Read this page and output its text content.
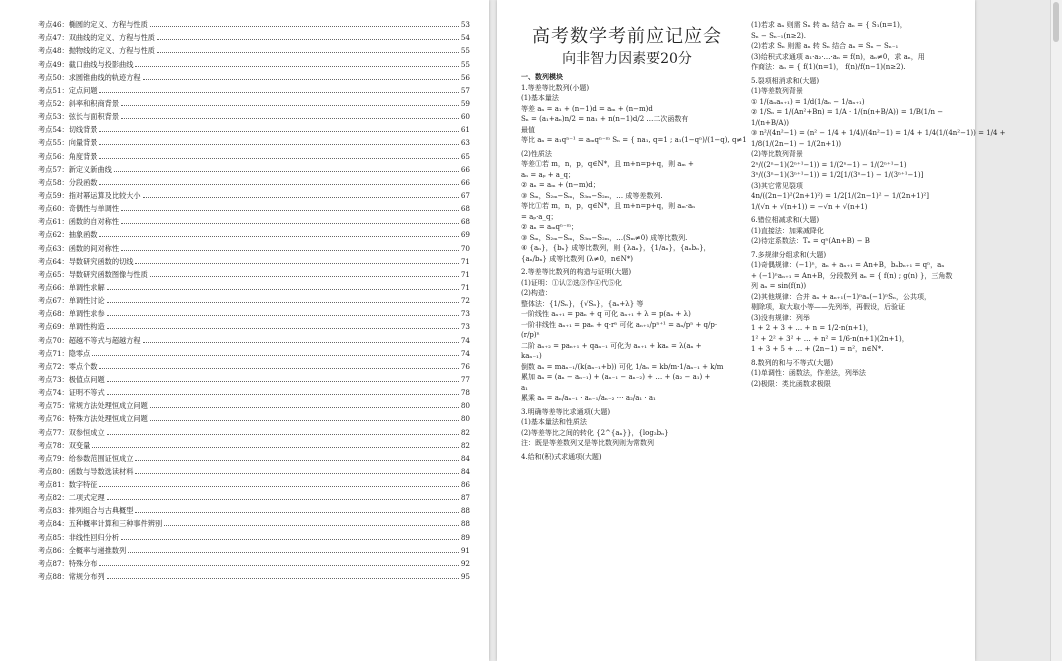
考点46：椭圆的定义、方程与性质	53
考点47：双曲线的定义、方程与性质	54
考点48：抛物线的定义、方程与性质	55
考点49：截口曲线与投影曲线	55
考点50：求圆锥曲线的轨迹方程	56
考点51：定点问题	57
考点52：斜率和积商背景	59
考点53：弦长与面积背景	60
考点54：切线背景	61
考点55：向量背景	63
考点56：角度背景	65
考点57：新定义新曲线	66
考点58：分段函数	66
考点59：指对幂运算及比较大小	67
考点60：奇偶性与单调性	68
考点61：函数的自对称性	68
考点62：抽象函数	69
考点63：函数的间对称性	70
考点64：导数研究函数的切线	71
考点65：导数研究函数图像与性质	71
考点66：单调性求解	71
考点67：单调性讨论	72
考点68：单调性求参	73
考点69：单调性构造	73
考点70：超越不等式与超越方程	74
考点71：隐零点	74
考点72：零点个数	76
考点73：极值点问题	77
考点74：证明不等式	78
考点75：常规方法处理恒成立问题	80
考点76：特殊方法处理恒成立问题	80
考点77：双参恒成立	82
考点78：双变量	82
考点79：给参数范围证恒成立	84
考点80：函数与导数选读材料	84
考点81：数字特征	86
考点82：二项式定理	87
考点83：排列组合与古典概型	88
考点84：五种概率计算和三种事件辨别	88
考点85：非线性回归分析	89
考点86：全概率与递推数列	91
考点87：特殊分布	92
考点88：常规分布列	95
高考数学考前应记应会
向非智力因素要20分
一、数列模块
1.等差等比数列(小题)
(1)基本量法
等差 aₙ = a₁ + (n−1)d = aₘ + (n−m)d
Sₙ = (a₁+aₙ)n/2 = na₁ + n(n−1)d/2 …二次函数有
最值
等比 aₙ = a₁qⁿ⁻¹ = aₘqⁿ⁻ᵐ Sₙ = { na₁, q=1 ; a₁(1−qⁿ)/(1−q), q≠1
(2)性质法
等差①若 m，n，p，q∈N*，且 m+n=p+q，则 aₘ +
aₙ = aₚ + a_q；
② aₙ = aₘ + (n−m)d；
③ Sₘ，S₂ₘ−Sₘ，S₃ₘ−S₂ₘ，… 成等差数列.
等比①若 m，n，p，q∈N*，且 m+n=p+q，则 aₘ·aₙ
= aₚ·a_q；
② aₙ = aₘqⁿ⁻ᵐ；
③ Sₘ，S₂ₘ−Sₘ，S₃ₘ−S₂ₘ，…(Sₘ≠0) 成等比数列.
④ {aₙ}，{bₙ} 成等比数列，则 {λaₙ}，{1/aₙ}，{aₙbₙ}，
{aₙ/bₙ} 成等比数列 (λ≠0，n∈N*)
2.等差等比数列的构造与证明(大题)
(1)证明：①认②选③作④代⑤化
(2)构造：
整体法：{1/Sₙ}，{√Sₙ}，{aₙ+λ} 等
一阶线性 aₙ₊₁ = paₙ + q 可化 aₙ₊₁ + λ = p(aₙ + λ)
一阶非线性 aₙ₊₁ = paₙ + q·rⁿ 可化 aₙ₊₁/pⁿ⁺¹ = aₙ/pⁿ + q/p·
(r/p)ⁿ
二阶 aₙ₊₂ = paₙ₊₁ + qaₙ₋₁ 可化为 aₙ₊₁ + kaₙ = λ(aₙ +
kaₙ₋₁)
倒数 aₙ = maₙ₋₁/(k(aₙ₋₁+b)) 可化 1/aₙ = kb/m·1/aₙ₋₁ + k/m
累加 aₙ = (aₙ − aₙ₋₁) + (aₙ₋₁ − aₙ₋₂) + … + (a₂ − a₁) +
a₁
累乘 aₙ = aₙ/aₙ₋₁ · aₙ₋₁/aₙ₋₂ ⋯ a₂/a₁ · a₁
3.明确等差等比求通项(大题)
(1)基本量法和性质法
(2)等差等比之间的转化 {2^{aₙ}}，{log₂bₙ}
注：既是等差数列又是等比数列则为常数列
4.给和(积)式求通项(大题)
(1)若求 aₙ 则需 Sₙ 转 aₙ 结合 aₙ = { S₁(n=1)，
Sₙ − Sₙ₋₁(n≥2).
(2)若求 Sₙ 则需 aₙ 转 Sₙ 结合 aₙ = Sₙ − Sₙ₋₁
(3)给积式求通项 a₁·a₂·…·aₙ = f(n)，aₙ≠0，求 aₙ，用
作商法：aₙ = { f(1)(n=1)， f(n)/f(n−1)(n≥2).
5.裂项相消求和(大题)
(1)等差数列背景
① 1/(aₙaₙ₊₁) = 1/d(1/aₙ − 1/aₙ₊₁)
② 1/Sₙ = 1/(An²+Bn) = 1/A · 1/(n(n+B/A)) = 1/B(1/n −
1/(n+B/A))
③ n²/(4n²−1) = (n² − 1/4 + 1/4)/(4n²−1) = 1/4 + 1/4(1/(4n²−1)) = 1/4 +
1/8(1/(2n−1) − 1/(2n+1))
(2)等比数列背景
2ⁿ/((2ⁿ−1)(2ⁿ⁺¹−1)) = 1/(2ⁿ−1) − 1/(2ⁿ⁺¹−1)
3ⁿ/((3ⁿ−1)(3ⁿ⁺¹−1)) = 1/2[1/(3ⁿ−1) − 1/(3ⁿ⁺¹−1)]
(3)其它常见裂项
4n/((2n−1)²(2n+1)²) = 1/2[1/(2n−1)² − 1/(2n+1)²]
1/(√n + √(n+1)) = −√n + √(n+1)
6.错位相减求和(大题)
(1)直接法：加乘减降化
(2)待定系数法：Tₙ = qⁿ(An+B) − B
7.多规律分组求和(大题)
(1)奇偶规律：(−1)ⁿ，aₙ + aₙ₊₁ = An+B，bₙbₙ₊₁ = qⁿ，aₙ
+ (−1)ⁿaₙ₊₁ = An+B，分段数列 aₙ = { f(n) ; g(n) }，三角数
列 aₙ = sin(f(n))
(2)其他规律：合并 aₙ + aₙ₊₁(−1)ⁿaₙ(−1)ⁿSₙ，公共项，
剔除项，取大取小等——先列举，再假设，后验证
(3)没有规律：列举
1 + 2 + 3 + … + n = 1/2·n(n+1)，
1² + 2² + 3² + … + n² = 1/6·n(n+1)(2n+1)，
1 + 3 + 5 + … + (2n−1) = n²，n∈N*.
8.数列的和与不等式(大题)
(1)单调性：函数法，作差法，列举法
(2)极限：类比函数求极限
